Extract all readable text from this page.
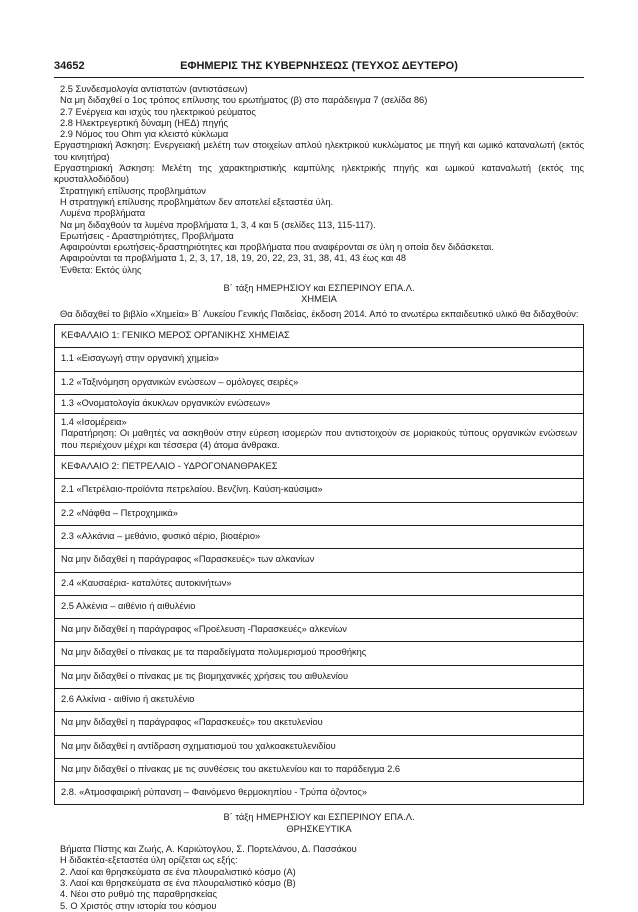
34652	ΕΦΗΜΕΡΙΣ ΤΗΣ ΚΥΒΕΡΝΗΣΕΩΣ (ΤΕΥΧΟΣ ΔΕΥΤΕΡΟ)

2.5 Συνδεσμολογία αντιστατών (αντιστάσεων)

Να μη διδαχθεί ο 1ος τρόπος επίλυσης του ερωτήματος (β) στο παράδειγμα 7 (σελίδα 86)

2.7 Ενέργεια και ισχύς του ηλεκτρικού ρεύματος

2.8 Ηλεκτρεγερτική δύναμη (ΗΕΔ) πηγής

2.9 Νόμος του Ohm για κλειστό κύκλωμα

Εργαστηριακή Άσκηση: Ενεργειακή μελέτη των στοιχείων απλού ηλεκτρικού κυκλώματος με πηγή και ωμικό καταναλωτή (εκτός του κινητήρα)

Εργαστηριακή Άσκηση: Μελέτη της χαρακτηριστικής καμπύλης ηλεκτρικής πηγής και ωμικού καταναλωτή (εκτός της κρυσταλλοδιόδου)

Στρατηγική επίλυσης προβλημάτων

Η στρατηγική επίλυσης προβλημάτων δεν αποτελεί εξεταστέα ύλη.

Λυμένα προβλήματα

Να μη διδαχθούν τα λυμένα προβλήματα 1, 3, 4 και 5 (σελίδες 113, 115-117).

Ερωτήσεις - Δραστηριότητες, Προβλήματα

Αφαιρούνται ερωτήσεις-δραστηριότητες και προβλήματα που αναφέρονται σε ύλη η οποία δεν διδάσκεται.

Αφαιρούνται τα προβλήματα 1, 2, 3, 17, 18, 19, 20, 22, 23, 31, 38, 41, 43 έως και 48

Ένθετα: Εκτός ύλης

Β΄ τάξη ΗΜΕΡΗΣΙΟΥ και ΕΣΠΕΡΙΝΟΥ ΕΠΑ.Λ.
ΧΗΜΕΙΑ

Θα διδαχθεί το βιβλίο «Χημεία» Β΄ Λυκείου Γενικής Παιδείας, έκδοση 2014. Από το ανωτέρω εκπαιδευτικό υλικό θα διδαχθούν:

ΚΕΦΑΛΑΙΟ 1: ΓΕΝΙΚΟ ΜΕΡΟΣ ΟΡΓΑΝΙΚΗΣ ΧΗΜΕΙΑΣ
1.1 «Εισαγωγή στην οργανική χημεία»
1.2 «Ταξινόμηση οργανικών ενώσεων – ομόλογες σειρές»
1.3 «Ονοματολογία άκυκλων οργανικών ενώσεων»
1.4 «Ισομέρεια»
Παρατήρηση: Οι μαθητές να ασκηθούν στην εύρεση ισομερών που αντιστοιχούν σε μοριακούς τύπους οργανικών ενώσεων που περιέχουν μέχρι και τέσσερα (4) άτομα άνθρακα.
ΚΕΦΑΛΑΙΟ 2: ΠΕΤΡΕΛΑΙΟ - ΥΔΡΟΓΟΝΑΝΘΡΑΚΕΣ
2.1 «Πετρέλαιο-προϊόντα πετρελαίου. Βενζίνη. Καύση-καύσιμα»
2.2 «Νάφθα – Πετροχημικά»
2.3 «Αλκάνια – μεθάνιο, φυσικό αέριο, βιοαέριο»
Να μην διδαχθεί η παράγραφος «Παρασκευές» των αλκανίων
2.4 «Καυσαέρια- καταλύτες αυτοκινήτων»
2.5 Αλκένια – αιθένιο ή αιθυλένιο
Να μην διδαχθεί η παράγραφος «Προέλευση -Παρασκευές» αλκενίων
Να μην διδαχθεί ο πίνακας με τα παραδείγματα πολυμερισμού προσθήκης
Να μην διδαχθεί ο πίνακας με τις βιομηχανικές χρήσεις του αιθυλενίου
2.6 Αλκίνια - αιθίνιο ή ακετυλένιο
Να μην διδαχθεί η παράγραφος «Παρασκευές» του ακετυλενίου
Να μην διδαχθεί η αντίδραση σχηματισμού του χαλκοακετυλενιδίου
Να μην διδαχθεί ο πίνακας με τις συνθέσεις του ακετυλενίου και το παράδειγμα 2.6
2.8. «Ατμοσφαιρική ρύπανση – Φαινόμενο θερμοκηπίου - Τρύπα όζοντος»
Β΄ τάξη ΗΜΕΡΗΣΙΟΥ και ΕΣΠΕΡΙΝΟΥ ΕΠΑ.Λ.
ΘΡΗΣΚΕΥΤΙΚΑ

Βήματα Πίστης και Ζωής, Α. Καριώτογλου, Σ. Πορτελάνου, Δ. Πασσάκου

Η διδακτέα-εξεταστέα ύλη ορίζεται ως εξής:

2. Λαοί και θρησκεύματα σε ένα πλουραλιστικό κόσμο (Α)

3. Λαοί και θρησκεύματα σε ένα πλουραλιστικό κόσμο (Β)

4. Νέοι στο ρυθμό της παραθρησκείας

5. Ο Χριστός στην ιστορία του κόσμου
